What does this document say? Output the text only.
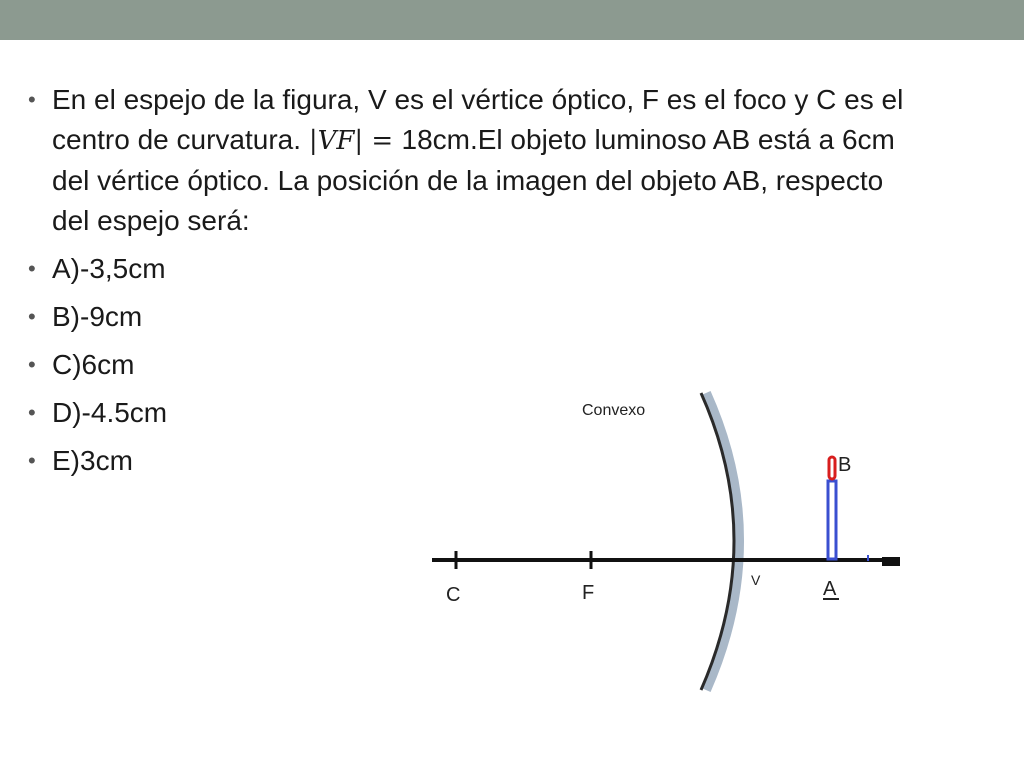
• En el espejo de la figura, V es el vértice óptico, F es el foco y C es el centro de curvatura. |VF| = 18cm.El objeto luminoso AB está a 6cm del vértice óptico. La posición de la imagen del objeto AB, respecto del espejo será:
• A)-3,5cm
• B)-9cm
• C)6cm
• D)-4.5cm
• E)3cm
Convexo
C	F
V	A
B
